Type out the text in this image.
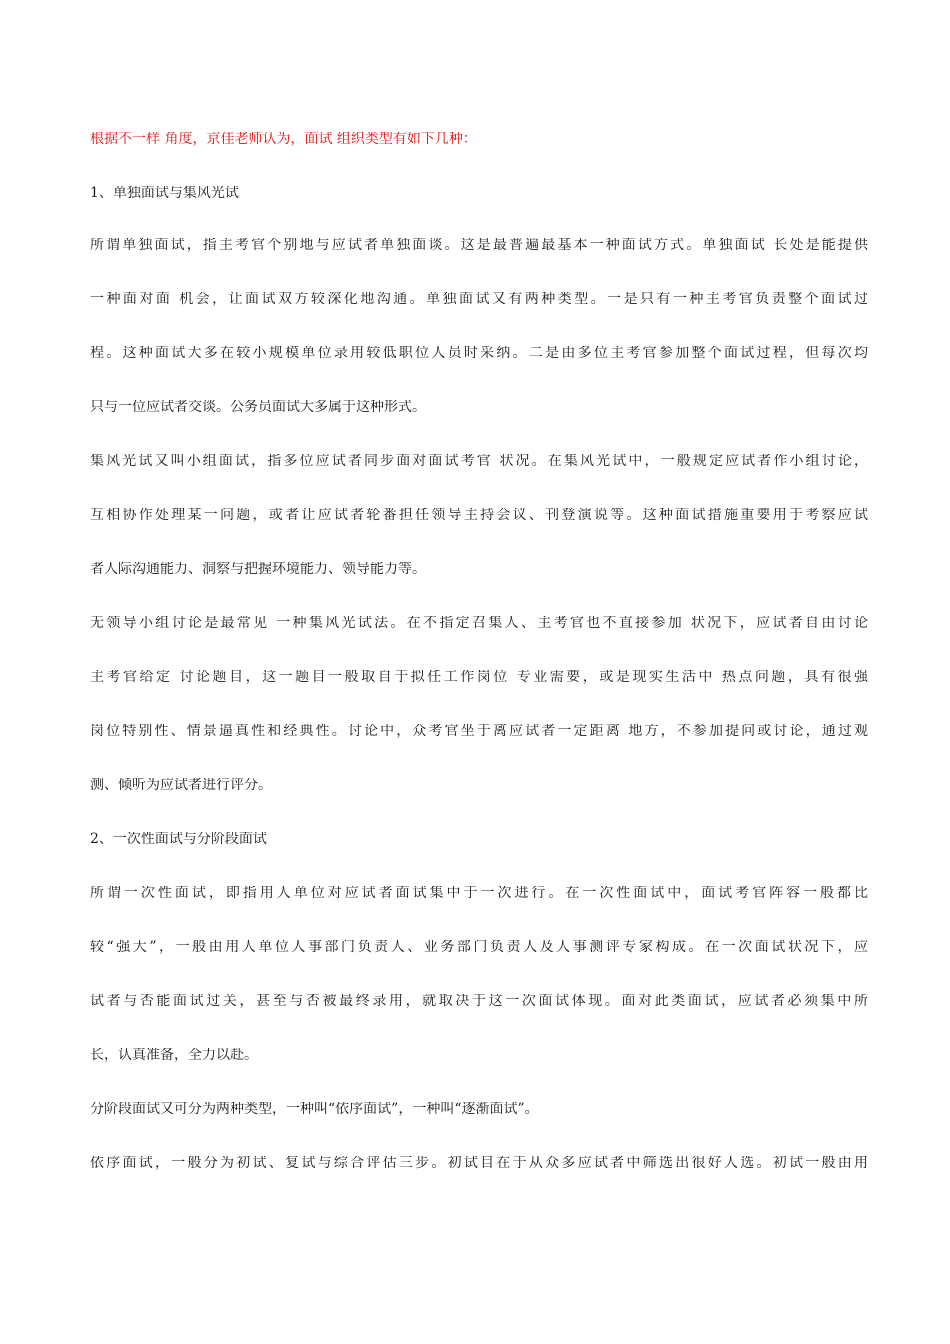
根据不一样 角度，京佳老师认为，面试 组织类型有如下几种：
1、单独面试与集风光试
所谓单独面试，指主考官个别地与应试者单独面谈。这是最普遍最基本一种面试方式。单独面试 长处是能提供
一种面对面 机会，让面试双方较深化地沟通。单独面试又有两种类型。一是只有一种主考官负责整个面试过
程。这种面试大多在较小规模单位录用较低职位人员时采纳。二是由多位主考官参加整个面试过程，但每次均
只与一位应试者交谈。公务员面试大多属于这种形式。
集风光试又叫小组面试，指多位应试者同步面对面试考官 状况。在集风光试中，一般规定应试者作小组讨论，
互相协作处理某一问题，或者让应试者轮番担任领导主持会议、刊登演说等。这种面试措施重要用于考察应试
者人际沟通能力、洞察与把握环境能力、领导能力等。
无领导小组讨论是最常见 一种集风光试法。在不指定召集人、主考官也不直接参加 状况下，应试者自由讨论
主考官给定 讨论题目，这一题目一般取自于拟任工作岗位 专业需要，或是现实生活中 热点问题，具有很强
岗位特别性、情景逼真性和经典性。讨论中，众考官坐于离应试者一定距离 地方，不参加提问或讨论，通过观
测、倾听为应试者进行评分。
2、一次性面试与分阶段面试
所谓一次性面试，即指用人单位对应试者面试集中于一次进行。在一次性面试中，面试考官阵容一般都比
较“强大”，一般由用人单位人事部门负责人、业务部门负责人及人事测评专家构成。在一次面试状况下，应
试者与否能面试过关，甚至与否被最终录用，就取决于这一次面试体现。面对此类面试，应试者必须集中所
长，认真准备，全力以赴。
分阶段面试又可分为两种类型，一种叫“依序面试”，一种叫“逐渐面试”。
依序面试，一般分为初试、复试与综合评估三步。初试目在于从众多应试者中筛选出很好人选。初试一般由用
